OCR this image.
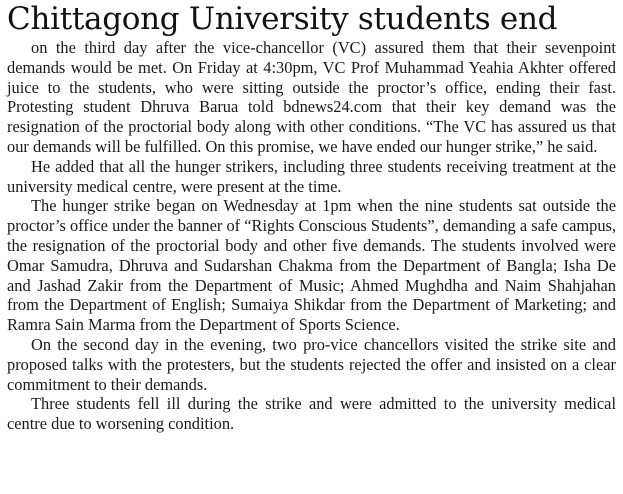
Chittagong University students end

on the third day after the vice-chancellor (VC) assured them that their sevenpoint demands would be met. On Friday at 4:30pm, VC Prof Muhammad Yeahia Akhter offered juice to the students, who were sitting outside the proctor’s office, ending their fast. Protesting student Dhruva Barua told bdnews24.com that their key demand was the resignation of the proctorial body along with other conditions. “The VC has assured us that our demands will be fulfilled. On this promise, we have ended our hunger strike,” he said.

He added that all the hunger strikers, including three students receiving treatment at the university medical centre, were present at the time.

The hunger strike began on Wednesday at 1pm when the nine students sat outside the proctor’s office under the banner of “Rights Conscious Students”, demanding a safe campus, the resignation of the proctorial body and other five demands. The students involved were Omar Samudra, Dhruva and Sudarshan Chakma from the Department of Bangla; Isha De and Jashad Zakir from the Department of Music; Ahmed Mughdha and Naim Shahjahan from the Department of English; Sumaiya Shikdar from the Department of Marketing; and Ramra Sain Marma from the Department of Sports Science.

On the second day in the evening, two pro-vice chancellors visited the strike site and proposed talks with the protesters, but the students rejected the offer and insisted on a clear commitment to their demands.

Three students fell ill during the strike and were admitted to the university medical centre due to worsening condition.
